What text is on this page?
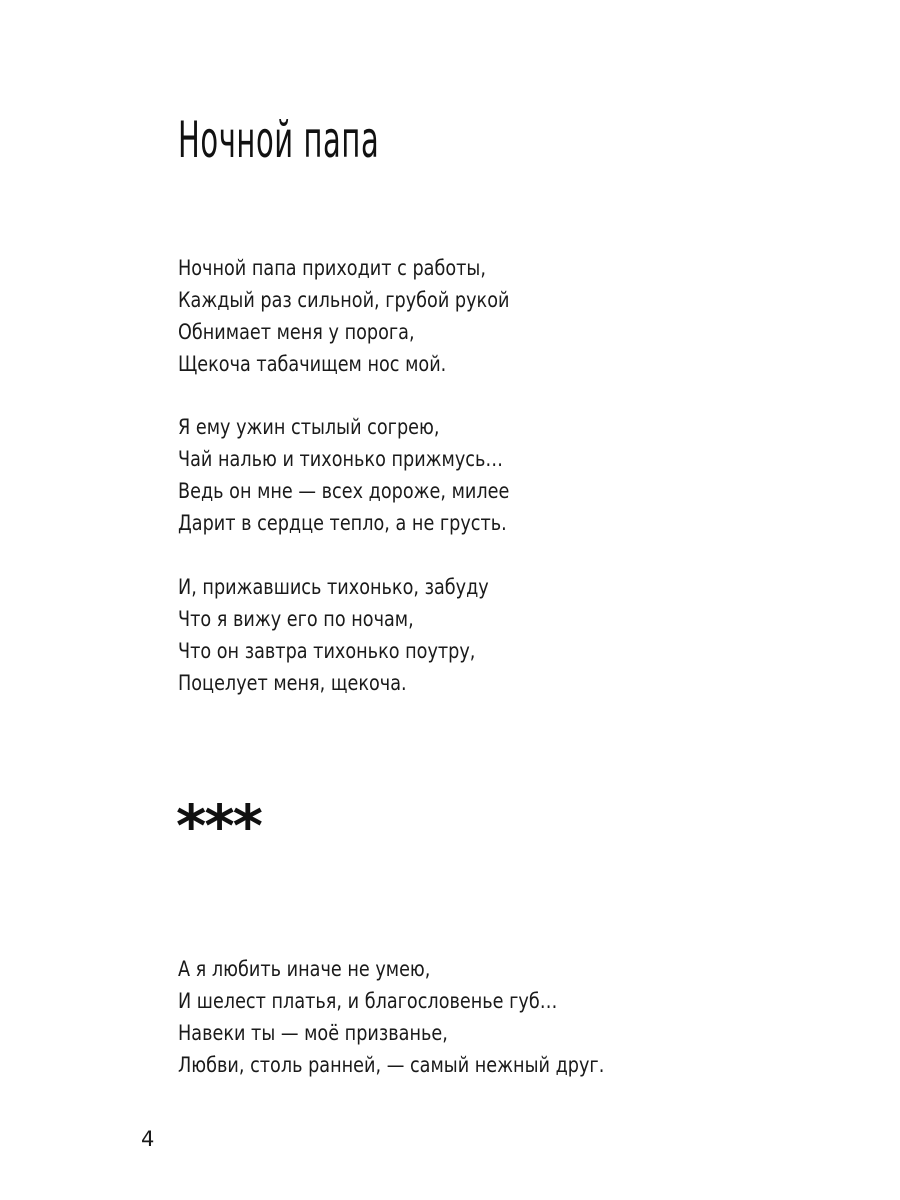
Ночной папа
Ночной папа приходит с работы,
Каждый раз сильной, грубой рукой
Обнимает меня у порога,
Щекоча табачищем нос мой.
Я ему ужин стылый согрею,
Чай налью и тихонько прижмусь…
Ведь он мне — всех дороже, милее
Дарит в сердце тепло, а не грусть.
И, прижавшись тихонько, забуду
Что я вижу его по ночам,
Что он завтра тихонько поутру,
Поцелует меня, щекоча.
***
А я любить иначе не умею,
И шелест платья, и благословенье губ…
Навеки ты — моё призванье,
Любви, столь ранней, — самый нежный друг.
4
